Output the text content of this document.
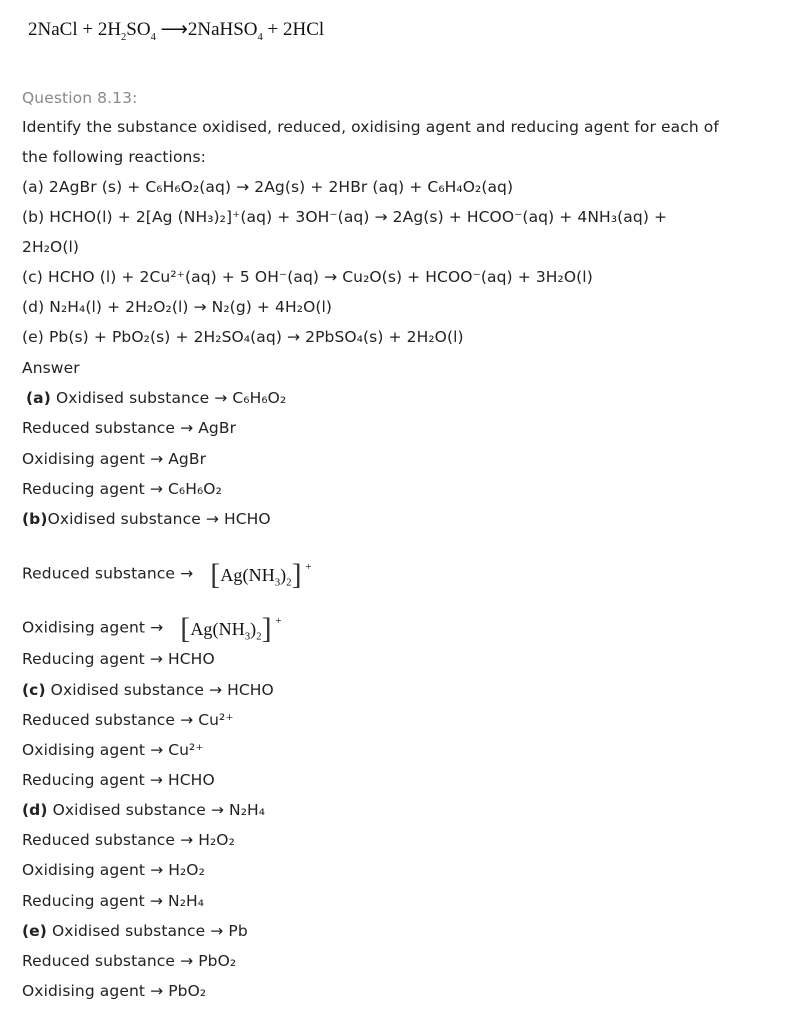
2NaCl + $2H_2SO_4$ ⟶2NaHSO$_4$ + 2HCl
Question 8.13:
Identify the substance oxidised, reduced, oxidising agent and reducing agent for each of
the following reactions:
(a) 2AgBr (s) + C₆H₆O₂(aq) → 2Ag(s) + 2HBr (aq) + C₆H₄O₂(aq)
(b) HCHO(l) + 2[Ag (NH₃)₂]⁺(aq) + 3OH⁻(aq) → 2Ag(s) + HCOO⁻(aq) + 4NH₃(aq) +
2H₂O(l)
(c) HCHO (l) + 2Cu²⁺(aq) + 5 OH⁻(aq) → Cu₂O(s) + HCOO⁻(aq) + 3H₂O(l)
(d) N₂H₄(l) + 2H₂O₂(l) → N₂(g) + 4H₂O(l)
(e) Pb(s) + PbO₂(s) + 2H₂SO₄(aq) → 2PbSO₄(s) + 2H₂O(l)
Answer
(a) Oxidised substance → C₆H₆O₂
Reduced substance → AgBr
Oxidising agent → AgBr
Reducing agent → C₆H₆O₂
(b)Oxidised substance → HCHO
Reduced substance → $[Ag(NH_3)_2]$ +
Oxidising agent → $[Ag(NH_3)_2]$ +
Reducing agent → HCHO
(c) Oxidised substance → HCHO
Reduced substance → Cu²⁺
Oxidising agent → Cu²⁺
Reducing agent → HCHO
(d) Oxidised substance → N₂H₄
Reduced substance → H₂O₂
Oxidising agent → H₂O₂
Reducing agent → N₂H₄
(e) Oxidised substance → Pb
Reduced substance → PbO₂
Oxidising agent → PbO₂
